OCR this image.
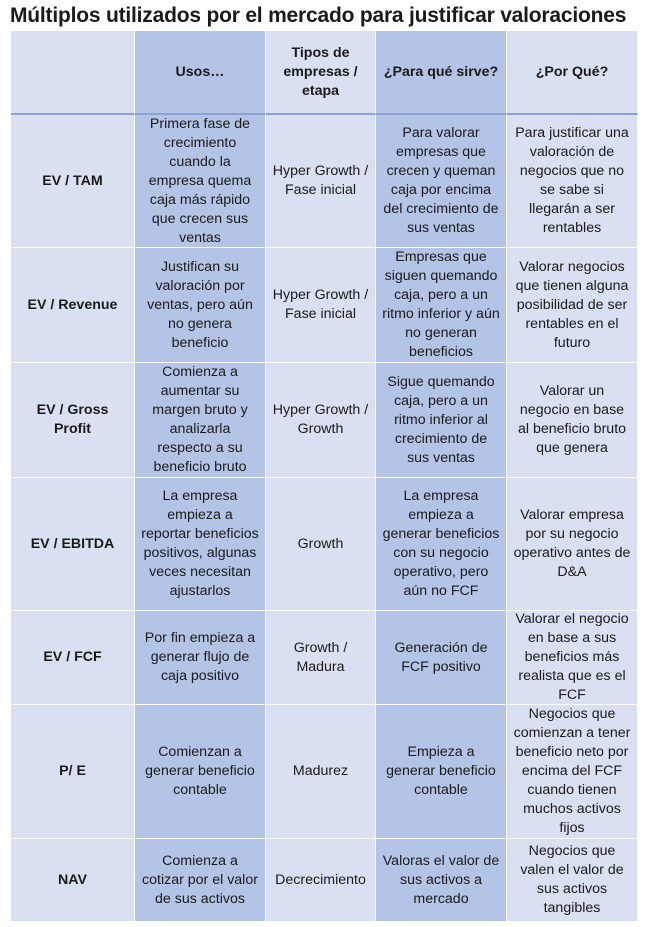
Múltiplos utilizados por el mercado para justificar valoraciones
Usos…
Tipos de empresas / etapa
¿Para qué sirve?	¿Por Qué?
EV / TAM
Primera fase de crecimiento cuando la empresa quema caja más rápido que crecen sus ventas
Hyper Growth / Fase inicial
Para valorar empresas que crecen y queman caja por encima del crecimiento de sus ventas
Para justificar una valoración de negocios que no se sabe si llegarán a ser rentables
EV / Revenue
Justifican su valoración por ventas, pero aún no genera beneficio
Hyper Growth / Fase inicial
Empresas que siguen quemando caja, pero a un ritmo inferior y aún no generan beneficios
Valorar negocios que tienen alguna posibilidad de ser rentables en el futuro
EV / Gross Profit
Comienza a aumentar su margen bruto y analizarla respecto a su beneficio bruto
Hyper Growth / Growth
Sigue quemando caja, pero a un ritmo inferior al crecimiento de sus ventas
Valorar un negocio en base al beneficio bruto que genera
EV / EBITDA
La empresa empieza a reportar beneficios positivos, algunas veces necesitan ajustarlos
Growth
La empresa empieza a generar beneficios con su negocio operativo, pero aún no FCF
Valorar empresa por su negocio operativo antes de D&A
EV / FCF
Por fin empieza a generar flujo de caja positivo
Growth / Madura
Generación de FCF positivo
Valorar el negocio en base a sus beneficios más realista que es el FCF
P/ E
Comienzan a generar beneficio contable
Madurez
Empieza a generar beneficio contable
Negocios que comienzan a tener beneficio neto por encima del FCF cuando tienen muchos activos fijos
NAV
Comienza a cotizar por el valor de sus activos
Decrecimiento
Valoras el valor de sus activos a mercado
Negocios que valen el valor de sus activos tangibles
